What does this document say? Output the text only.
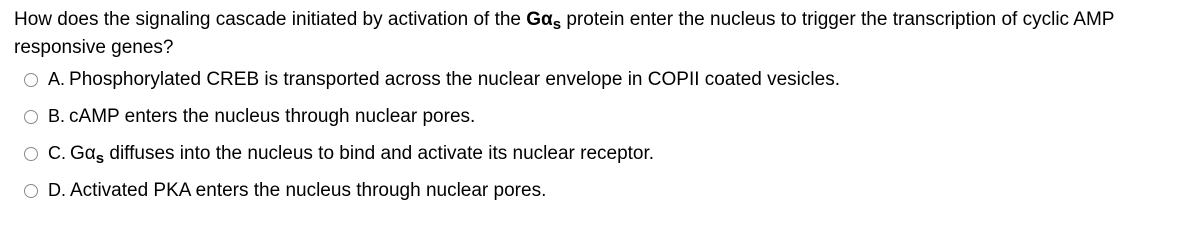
How does the signaling cascade initiated by activation of the $G\alpha_s$ protein enter the nucleus to trigger the transcription of cyclic AMP responsive genes?
A. Phosphorylated CREB is transported across the nuclear envelope in COPII coated vesicles.
B. cAMP enters the nucleus through nuclear pores.
C. $G\alpha_s$ diffuses into the nucleus to bind and activate its nuclear receptor.
D. Activated PKA enters the nucleus through nuclear pores.
